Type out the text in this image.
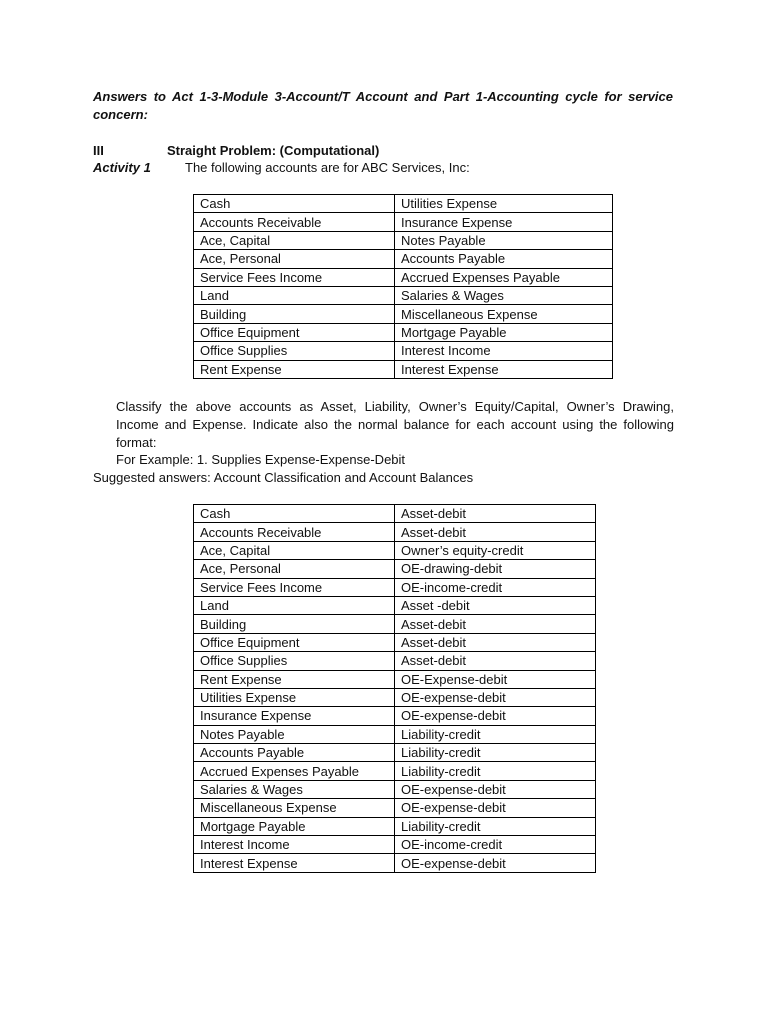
Answers to Act 1-3-Module 3-Account/T Account and Part 1-Accounting cycle for service concern:
III	Straight Problem: (Computational)
Activity 1	The following accounts are for ABC Services, Inc:
Cash	Utilities Expense
Accounts Receivable	Insurance Expense
Ace, Capital	Notes Payable
Ace, Personal	Accounts Payable
Service Fees Income	Accrued Expenses Payable
Land	Salaries & Wages
Building	Miscellaneous Expense
Office Equipment	Mortgage Payable
Office Supplies	Interest Income
Rent Expense	Interest Expense
Classify the above accounts as Asset, Liability, Owner’s Equity/Capital, Owner’s Drawing, Income and Expense. Indicate also the normal balance for each account using the following format:
For Example: 1. Supplies Expense-Expense-Debit
Suggested answers: Account Classification and Account Balances
Cash	Asset-debit
Accounts Receivable	Asset-debit
Ace, Capital	Owner’s equity-credit
Ace, Personal	OE-drawing-debit
Service Fees Income	OE-income-credit
Land	Asset -debit
Building	Asset-debit
Office Equipment	Asset-debit
Office Supplies	Asset-debit
Rent Expense	OE-Expense-debit
Utilities Expense	OE-expense-debit
Insurance Expense	OE-expense-debit
Notes Payable	Liability-credit
Accounts Payable	Liability-credit
Accrued Expenses Payable	Liability-credit
Salaries & Wages	OE-expense-debit
Miscellaneous Expense	OE-expense-debit
Mortgage Payable	Liability-credit
Interest Income	OE-income-credit
Interest Expense	OE-expense-debit
